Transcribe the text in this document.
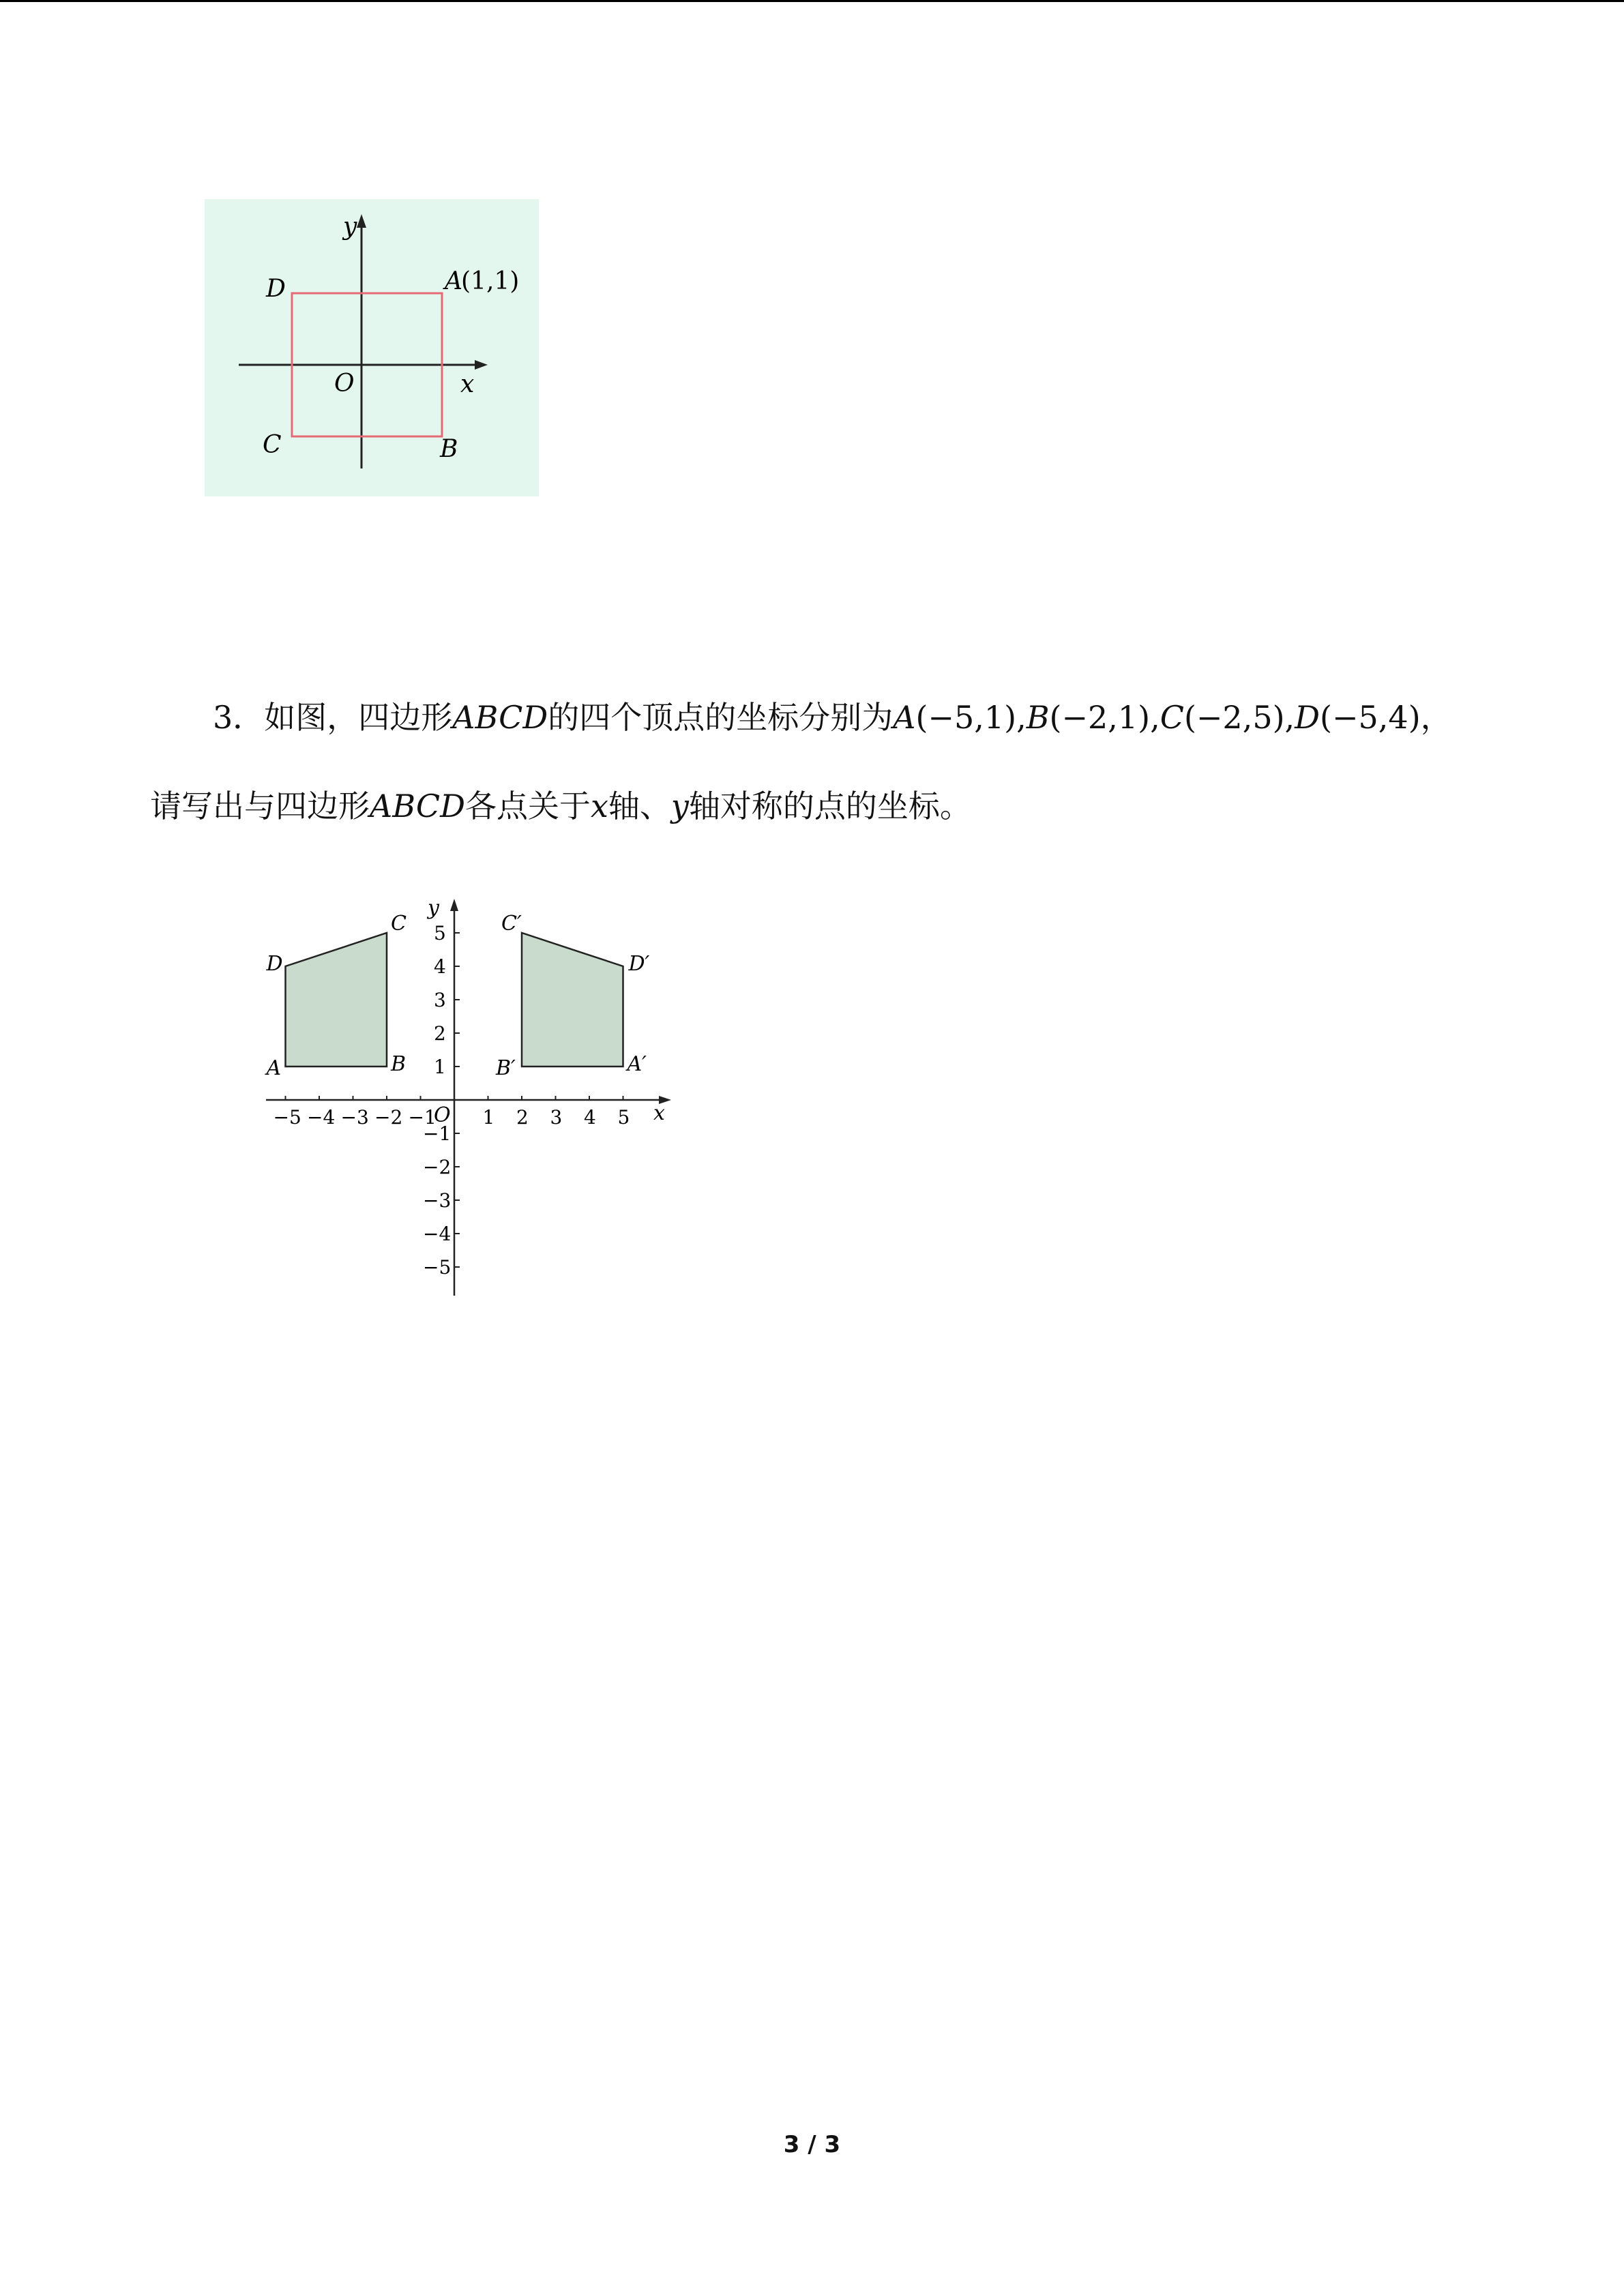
y
x
O
D	A
(1,1)
C	B
3．如图，四边形ABCD的四个顶点的坐标分别为A(−5,1),B(−2,1),C(−2,5),D(−5,4)，
请写出与四边形ABCD各点关于x轴、y轴对称的点的坐标。
y
x
O
−5 −4 −3 −2 −1 1 2 3 4 5
1
2
3
4
5
−1
−2
−3
−4
−5
A	B
C
D
A′
B′
C′
D′
3 / 3
